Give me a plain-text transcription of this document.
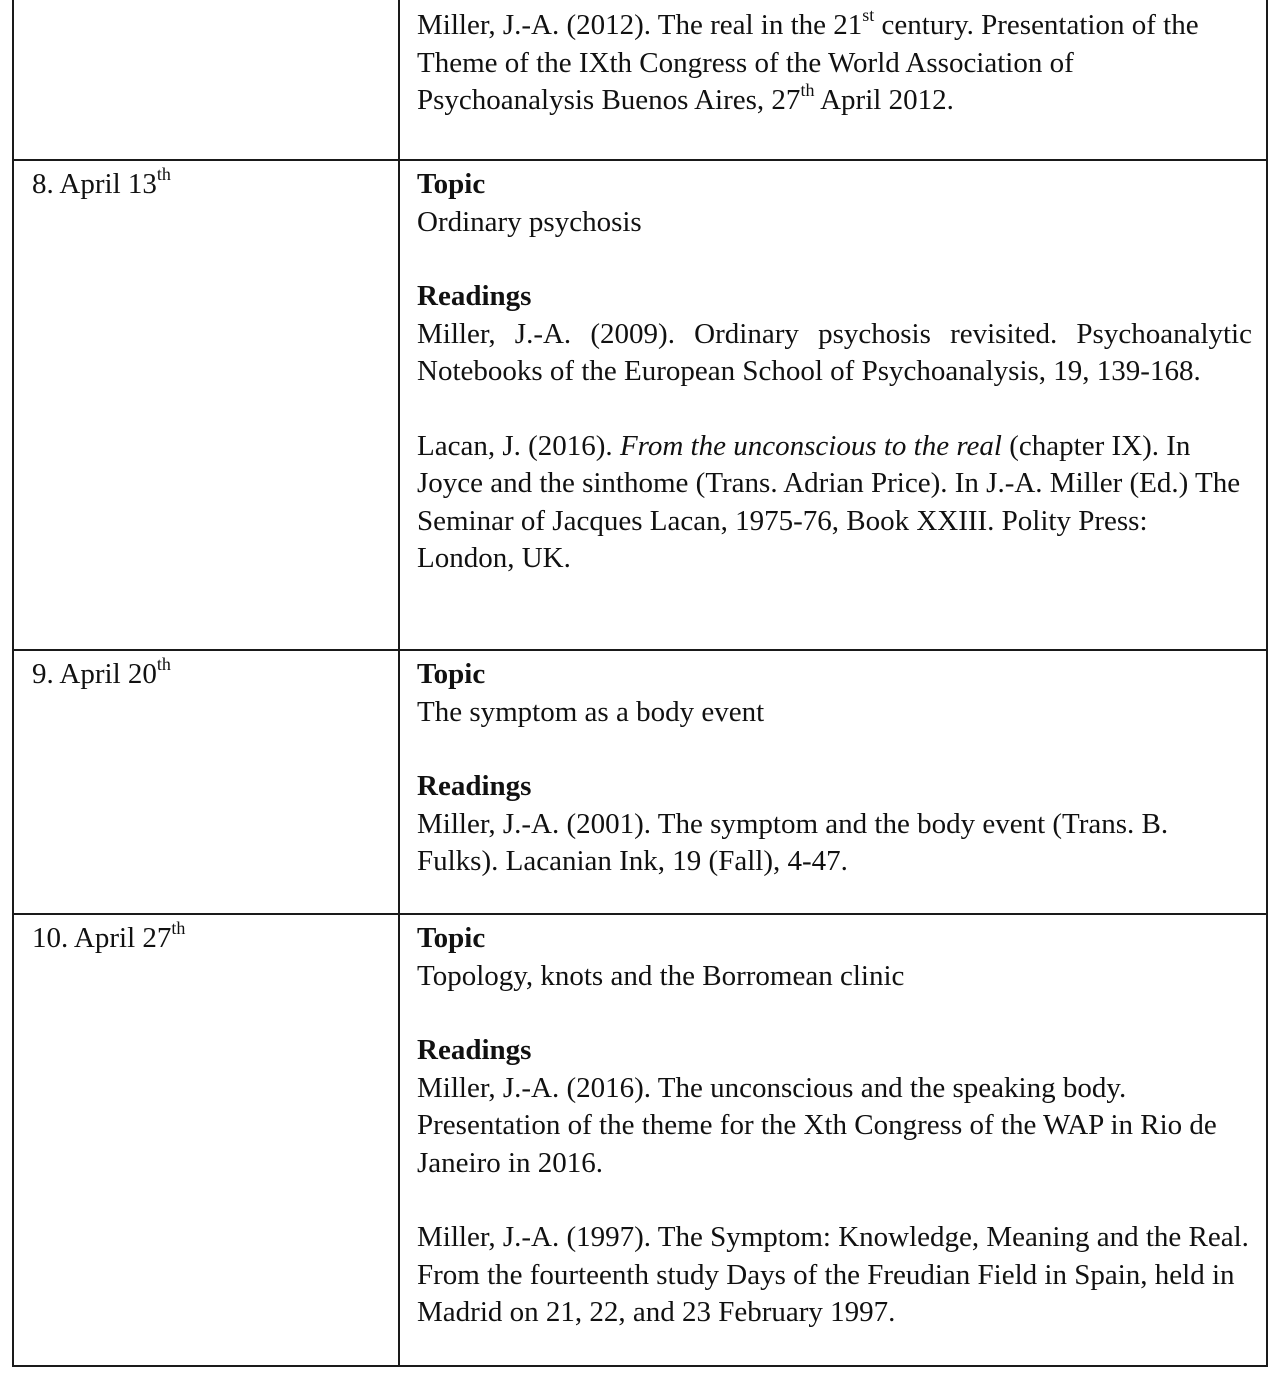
	Miller, J.-A. (2012). The real in the 21st century. Presentation of the Theme of the IXth Congress of the World Association of Psychoanalysis Buenos Aires, 27th April 2012.

8. April 13th	Topic
Ordinary psychosis
Readings
Miller, J.-A. (2009). Ordinary psychosis revisited. Psychoanalytic Notebooks of the European School of Psychoanalysis, 19, 139-168.
Lacan, J. (2016). From the unconscious to the real (chapter IX). In Joyce and the sinthome (Trans. Adrian Price). In J.-A. Miller (Ed.) The Seminar of Jacques Lacan, 1975-76, Book XXIII. Polity Press: London, UK.

9. April 20th	Topic
The symptom as a body event
Readings
Miller, J.-A. (2001). The symptom and the body event (Trans. B. Fulks). Lacanian Ink, 19 (Fall), 4-47.

10. April 27th	Topic
Topology, knots and the Borromean clinic
Readings
Miller, J.-A. (2016). The unconscious and the speaking body. Presentation of the theme for the Xth Congress of the WAP in Rio de Janeiro in 2016.
Miller, J.-A. (1997). The Symptom: Knowledge, Meaning and the Real. From the fourteenth study Days of the Freudian Field in Spain, held in Madrid on 21, 22, and 23 February 1997.
